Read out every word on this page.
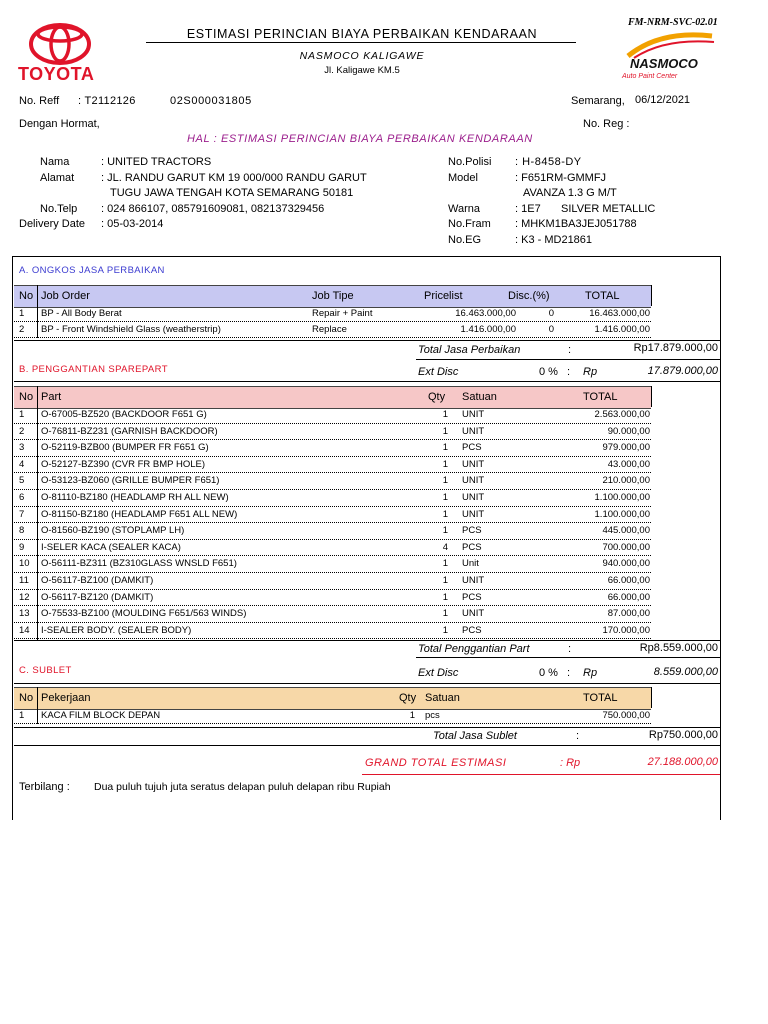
TOYOTA
ESTIMASI PERINCIAN BIAYA PERBAIKAN KENDARAAN
NASMOCO KALIGAWE
Jl. Kaligawe KM.5
FM-NRM-SVC-02.01
NASMOCO
Auto Paint Center
No. Reff : T2112126	02S000031805	Semarang, 06/12/2021
Dengan Hormat,	No. Reg :
HAL : ESTIMASI PERINCIAN BIAYA PERBAIKAN KENDARAAN
Nama	: UNITED TRACTORS
Alamat : JL. RANDU GARUT KM 19 000/000 RANDU GARUT
TUGU JAWA TENGAH KOTA SEMARANG 50181
No.Telp : 024 866107, 085791609081, 082137329456
Delivery Date : 05-03-2014
No.Polisi : H-8458-DY
Model	: F651RM-GMMFJ
AVANZA 1.3 G M/T
Warna	: 1E7 SILVER METALLIC
No.Fram : MHKM1BA3JEJ051788
No.EG	: K3 - MD21861
A. ONGKOS JASA PERBAIKAN
No Job Order	Job Tipe	Pricelist	Disc.(%)	TOTAL
1 BP - All Body Berat	Repair + Paint	16.463.000,00	0	16.463.000,00
2 BP - Front Windshield Glass (weatherstrip)	Replace	1.416.000,00	0	1.416.000,00
Total Jasa Perbaikan	:	Rp17.879.000,00
B. PENGGANTIAN SPAREPART	Ext Disc	0 % : Rp	17.879.000,00
No Part	Qty Satuan	TOTAL
1 O-67005-BZ520 (BACKDOOR F651 G)	1 UNIT	2.563.000,00
2 O-76811-BZ231 (GARNISH BACKDOOR)	1 UNIT	90.000,00
3 O-52119-BZB00 (BUMPER FR F651 G)	1 PCS	979.000,00
4 O-52127-BZ390 (CVR FR BMP HOLE)	1 UNIT	43.000,00
5 O-53123-BZ060 (GRILLE BUMPER F651)	1 UNIT	210.000,00
6 O-81110-BZ180 (HEADLAMP RH ALL NEW)	1 UNIT	1.100.000,00
7 O-81150-BZ180 (HEADLAMP F651 ALL NEW)	1 UNIT	1.100.000,00
8 O-81560-BZ190 (STOPLAMP LH)	1 PCS	445.000,00
9 I-SELER KACA (SEALER KACA)	4 PCS	700.000,00
10 O-56111-BZ311 (BZ310GLASS WNSLD F651)	1 Unit	940.000,00
11 O-56117-BZ100 (DAMKIT)	1 UNIT	66.000,00
12 O-56117-BZ120 (DAMKIT)	1 PCS	66.000,00
13 O-75533-BZ100 (MOULDING F651/563 WINDS)	1 UNIT	87.000,00
14 I-SEALER BODY. (SEALER BODY)	1 PCS	170.000,00
Total Penggantian Part	:	Rp8.559.000,00
C. SUBLET	Ext Disc	0 % : Rp	8.559.000,00
No Pekerjaan	Qty Satuan	TOTAL
1 KACA FILM BLOCK DEPAN	1 pcs	750.000,00
Total Jasa Sublet	:	Rp750.000,00
GRAND TOTAL ESTIMASI	: Rp	27.188.000,00
Terbilang : Dua puluh tujuh juta seratus delapan puluh delapan ribu Rupiah
